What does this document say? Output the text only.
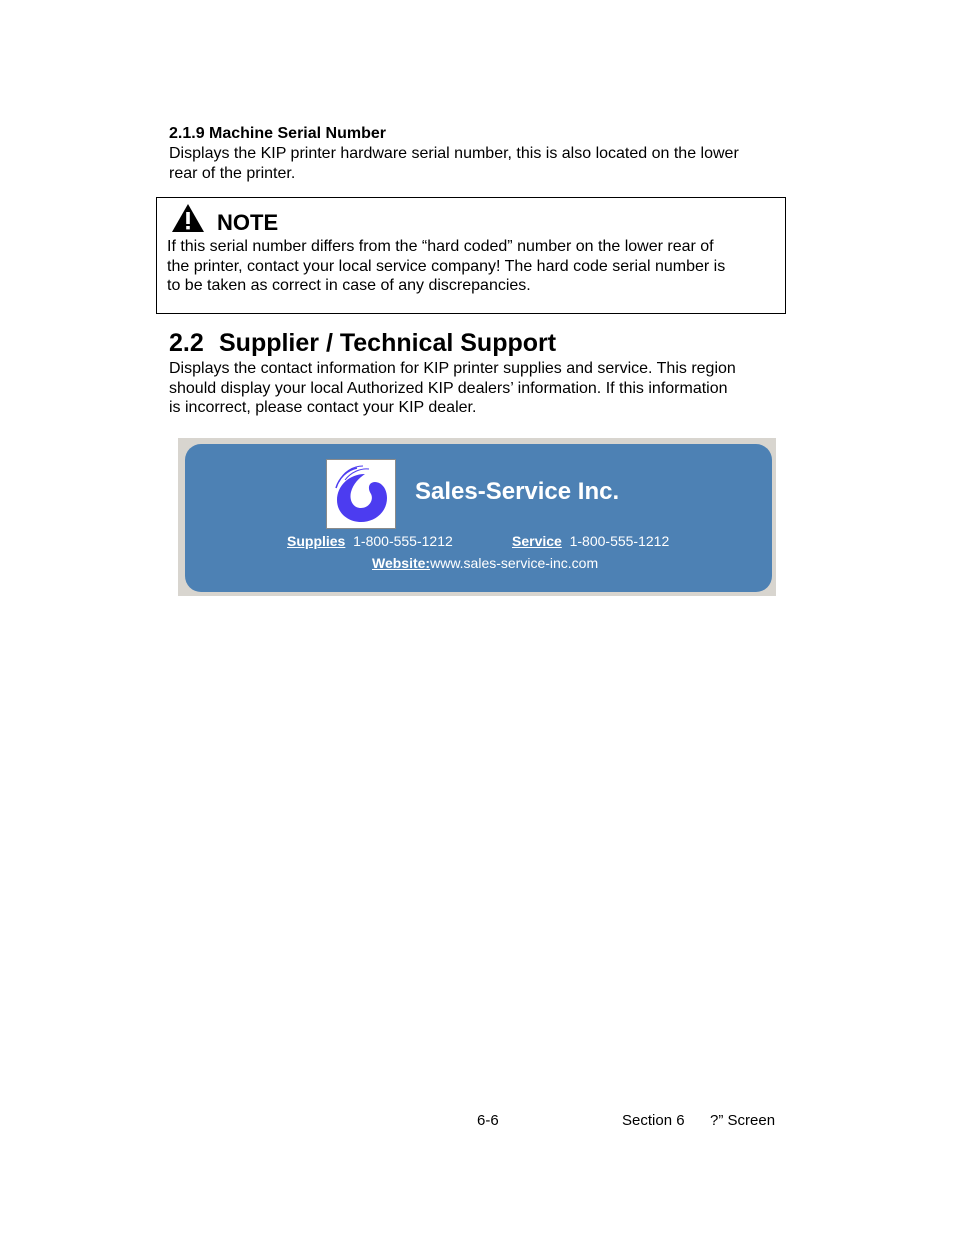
2.1.9 Machine Serial Number
Displays the KIP printer hardware serial number, this is also located on the lower
rear of the printer.
NOTE
If this serial number differs from the “hard coded” number on the lower rear of
the printer, contact your local service company! The hard code serial number is
to be taken as correct in case of any discrepancies.
2.2 Supplier / Technical Support
Displays the contact information for KIP printer supplies and service. This region
should display your local Authorized KIP dealers’ information. If this information
is incorrect, please contact your KIP dealer.
Sales-Service Inc.
Supplies 1-800-555-1212	Service 1-800-555-1212
Website:www.sales-service-inc.com
6-6	Section 6 ?” Screen
